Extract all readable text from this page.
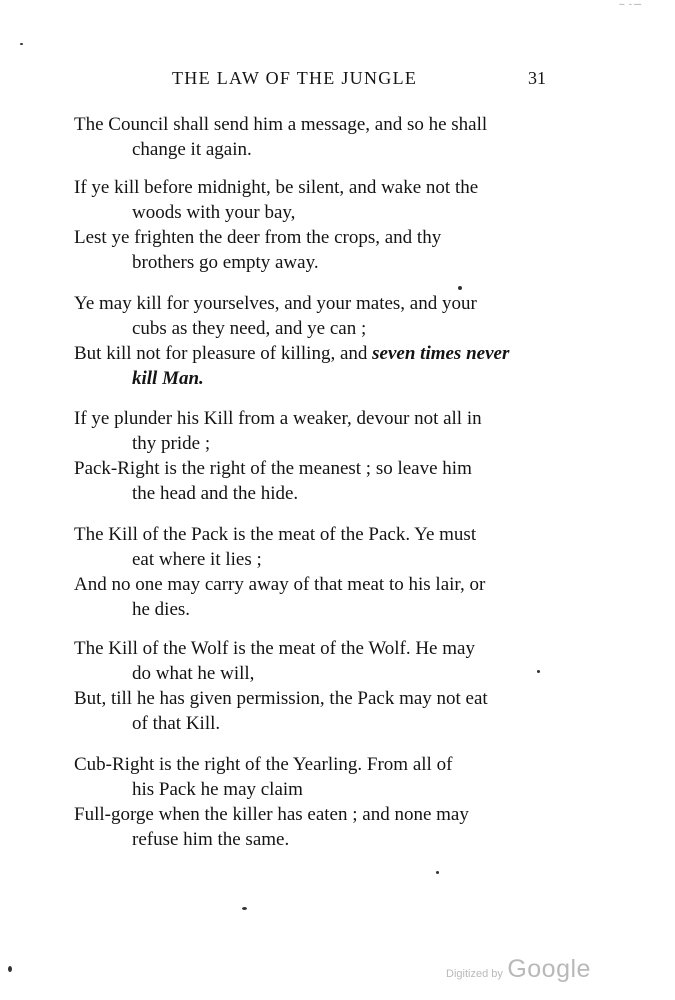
╶╴╶ ─╴
THE LAW OF THE JUNGLE	31
The Council shall send him a message, and so he shall
change it again.
If ye kill before midnight, be silent, and wake not the
woods with your bay,
Lest ye frighten the deer from the crops, and thy
brothers go empty away.
Ye may kill for yourselves, and your mates, and your
cubs as they need, and ye can ;
But kill not for pleasure of killing, and seven times never
kill Man.
If ye plunder his Kill from a weaker, devour not all in
thy pride ;
Pack-Right is the right of the meanest ; so leave him
the head and the hide.
The Kill of the Pack is the meat of the Pack. Ye must
eat where it lies ;
And no one may carry away of that meat to his lair, or
he dies.
The Kill of the Wolf is the meat of the Wolf. He may
do what he will,
But, till he has given permission, the Pack may not eat
of that Kill.
Cub-Right is the right of the Yearling. From all of
his Pack he may claim
Full-gorge when the killer has eaten ; and none may
refuse him the same.
Digitized by Google
